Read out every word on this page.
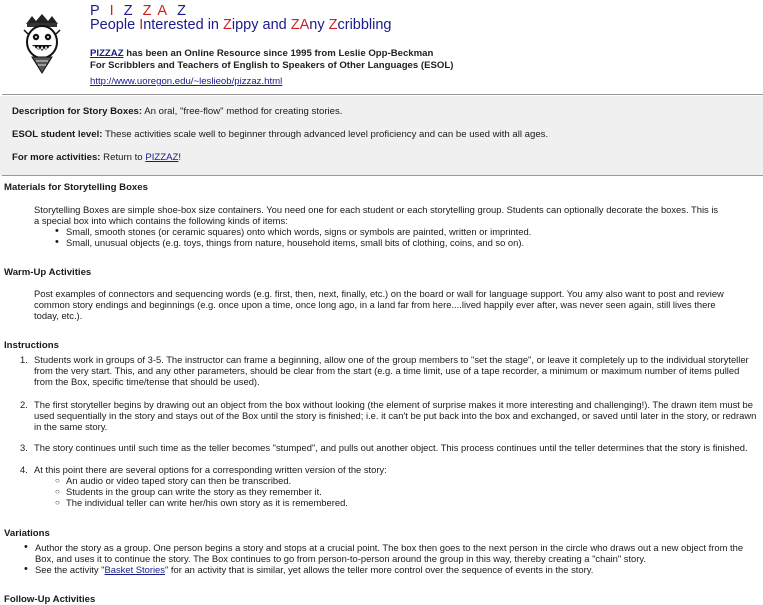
P I Z ZA Z
People Interested in Zippy and ZAny Zcribbling
PIZZAZ has been an Online Resource since 1995 from Leslie Opp-Beckman
For Scribblers and Teachers of English to Speakers of Other Languages (ESOL)
http://www.uoregon.edu/~leslieob/pizzaz.html

Description for Story Boxes: An oral, "free-flow" method for creating stories.

ESOL student level: These activities scale well to beginner through advanced level proficiency and can be used with all ages.

For more activities: Return to PIZZAZ!

Materials for Storytelling Boxes

Storytelling Boxes are simple shoe-box size containers. You need one for each student or each storytelling group. Students can optionally decorate the boxes. This is

a special box into which contains the following kinds of items:

• Small, smooth stones (or ceramic squares) onto which words, signs or symbols are painted, written or imprinted.
• Small, unusual objects (e.g. toys, things from nature, household items, small bits of clothing, coins, and so on).
Warm-Up Activities

Post examples of connectors and sequencing words (e.g. first, then, next, finally, etc.) on the board or wall for language support. You amy also want to post and review

common story endings and beginnings (e.g. once upon a time, once long ago, in a land far from here....lived happily ever after, was never seen again, still lives there

today, etc.).

Instructions
1. Students work in groups of 3-5. The instructor can frame a beginning, allow one of the group members to "set the stage", or leave it completely up to the individual storyteller
from the very start. This, and any other parameters, should be clear from the start (e.g. a time limit, use of a tape recorder, a minimum or maximum number of items pulled
from the Box, specific time/tense that should be used).
2. The first storyteller begins by drawing out an object from the box without looking (the element of surprise makes it more interesting and challenging!). The drawn item must be
used sequentially in the story and stays out of the Box until the story is finished; i.e. it can't be put back into the box and exchanged, or saved until later in the story, or redrawn
in the same story.
3. The story continues until such time as the teller becomes "stumped", and pulls out another object. This process continues until the teller determines that the story is finished.
4. At this point there are several options for a corresponding written version of the story:
○ An audio or video taped story can then be transcribed.
○ Students in the group can write the story as they remember it.
○ The individual teller can write her/his own story as it is remembered.
Variations
• Author the story as a group. One person begins a story and stops at a crucial point. The box then goes to the next person in the circle who draws out a new object from the
Box, and uses it to continue the story. The Box continues to go from person-to-person around the group in this way, thereby creating a "chain" story.
• See the activity "Basket Stories" for an activity that is similar, yet allows the teller more control over the sequence of events in the story.
Follow-Up Activities
